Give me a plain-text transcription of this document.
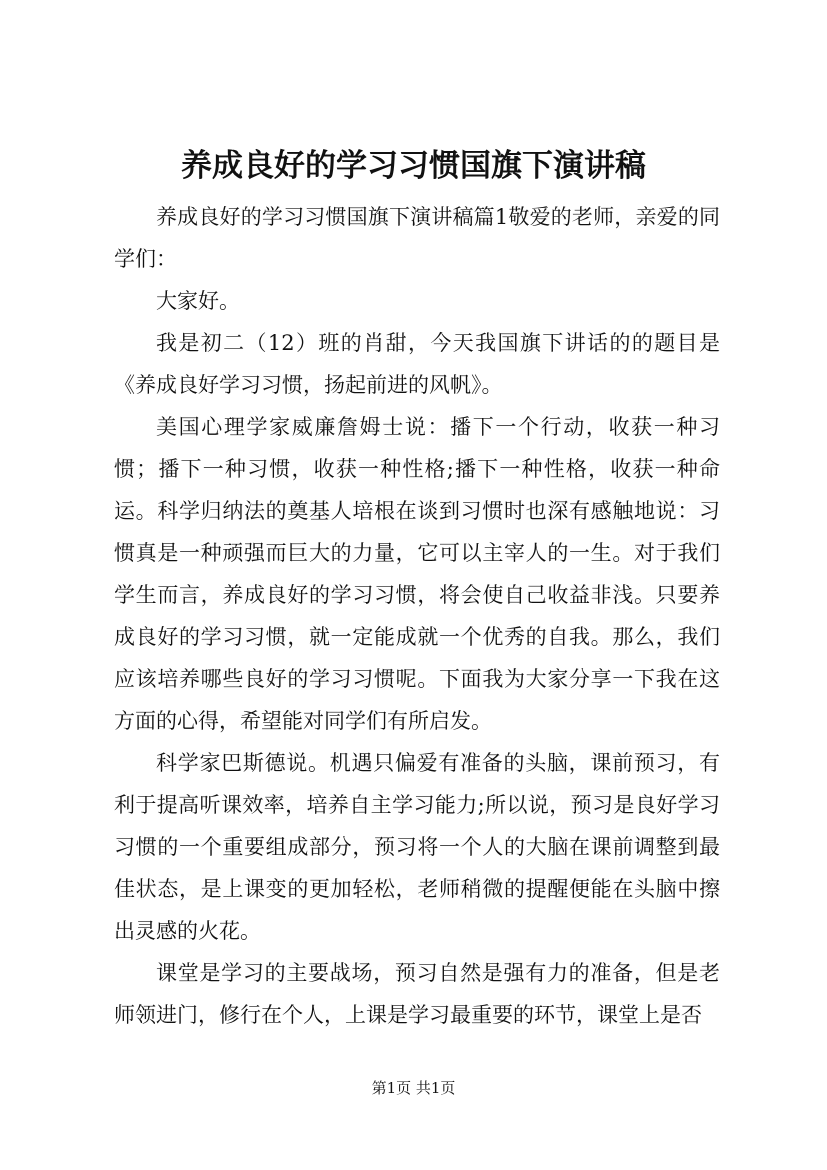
养成良好的学习习惯国旗下演讲稿

养成良好的学习习惯国旗下演讲稿篇1敬爱的老师，亲爱的同学们：

大家好。

我是初二（12）班的肖甜，今天我国旗下讲话的的题目是《养成良好学习习惯，扬起前进的风帆》。

美国心理学家威廉詹姆士说：播下一个行动，收获一种习惯；播下一种习惯，收获一种性格;播下一种性格，收获一种命运。科学归纳法的奠基人培根在谈到习惯时也深有感触地说：习惯真是一种顽强而巨大的力量，它可以主宰人的一生。对于我们学生而言，养成良好的学习习惯，将会使自己收益非浅。只要养成良好的学习习惯，就一定能成就一个优秀的自我。那么，我们应该培养哪些良好的学习习惯呢。下面我为大家分享一下我在这方面的心得，希望能对同学们有所启发。

科学家巴斯德说。机遇只偏爱有准备的头脑，课前预习，有利于提高听课效率，培养自主学习能力;所以说，预习是良好学习习惯的一个重要组成部分，预习将一个人的大脑在课前调整到最佳状态，是上课变的更加轻松，老师稍微的提醒便能在头脑中擦出灵感的火花。

课堂是学习的主要战场，预习自然是强有力的准备，但是老师领进门，修行在个人，上课是学习最重要的环节，课堂上是否

第1页 共1页
